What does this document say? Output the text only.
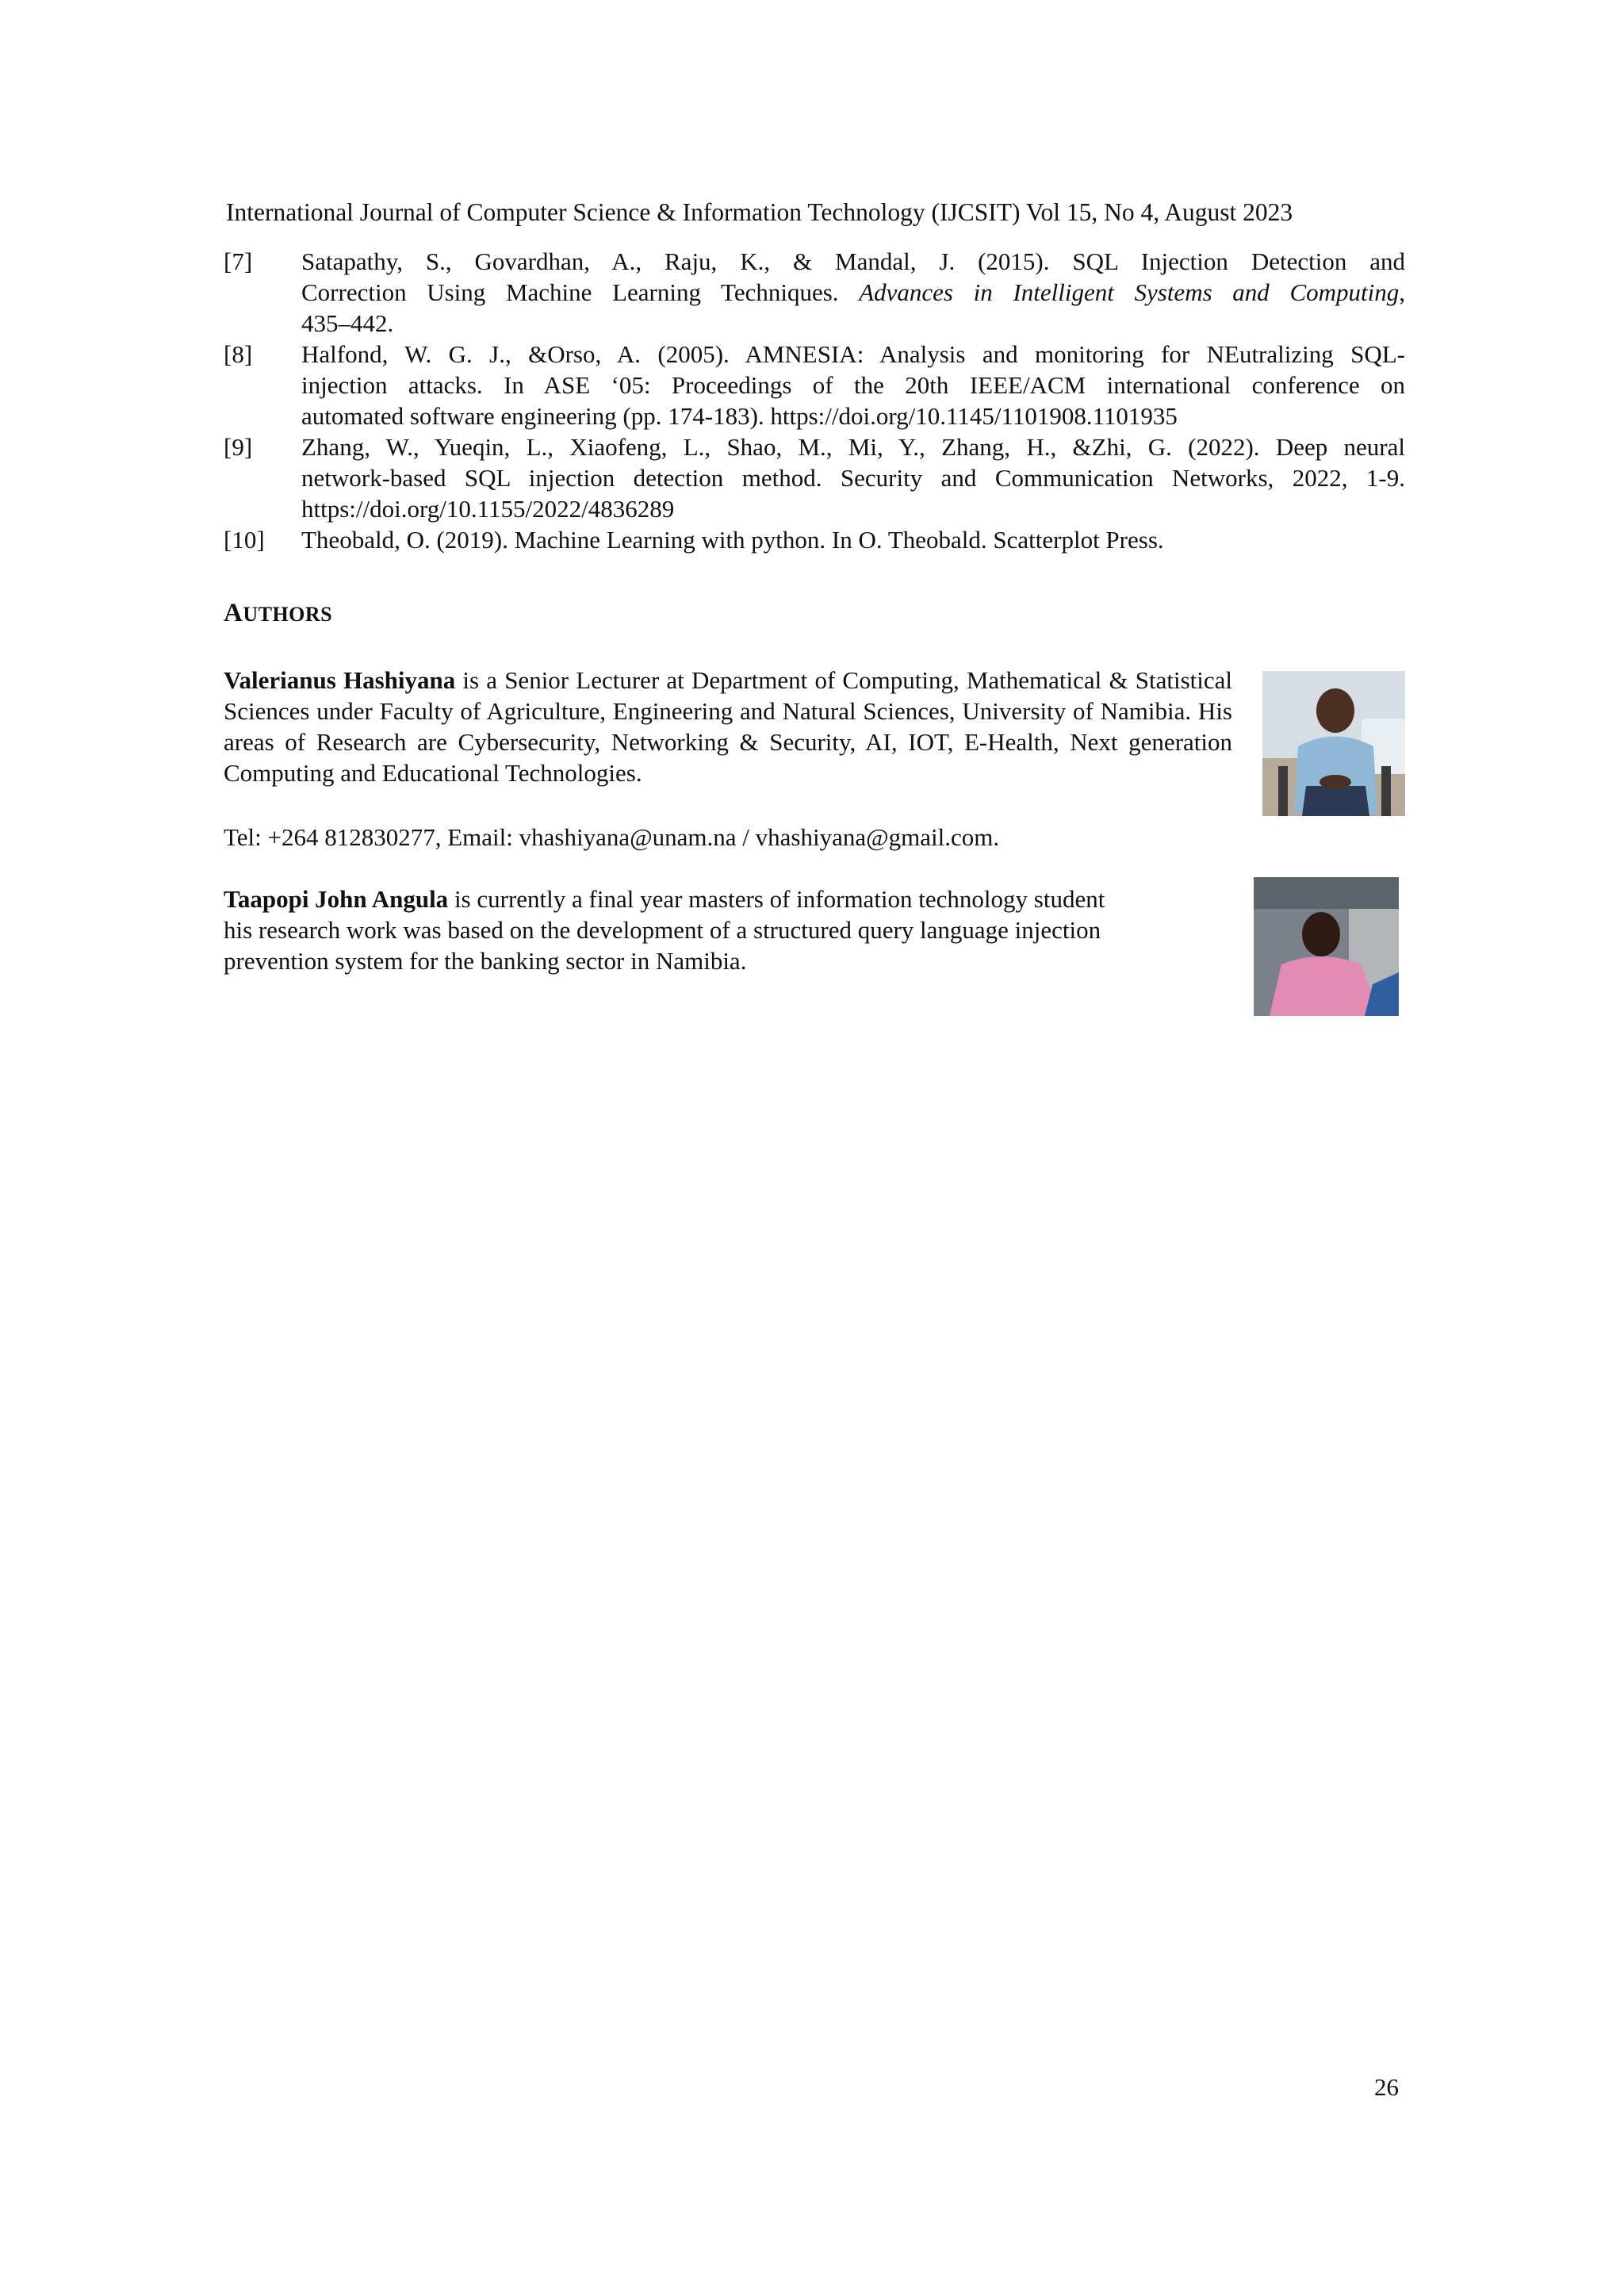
International Journal of Computer Science & Information Technology (IJCSIT) Vol 15, No 4, August 2023
[7] Satapathy, S., Govardhan, A., Raju, K., & Mandal, J. (2015). SQL Injection Detection and

Correction Using Machine Learning Techniques. Advances in Intelligent Systems and Computing,

435–442.

[8] Halfond, W. G. J., &Orso, A. (2005). AMNESIA: Analysis and monitoring for NEutralizing SQL-

injection attacks. In ASE ‘05: Proceedings of the 20th IEEE/ACM international conference on

automated software engineering (pp. 174-183). https://doi.org/10.1145/1101908.1101935

[9] Zhang, W., Yueqin, L., Xiaofeng, L., Shao, M., Mi, Y., Zhang, H., &Zhi, G. (2022). Deep neural

network-based SQL injection detection method. Security and Communication Networks, 2022, 1-9.

https://doi.org/10.1155/2022/4836289

[10] Theobald, O. (2019). Machine Learning with python. In O. Theobald. Scatterplot Press.

AUTHORS
Valerianus Hashiyana is a Senior Lecturer at Department of Computing, Mathematical & Statistical Sciences under Faculty of Agriculture, Engineering and Natural Sciences, University of Namibia. His areas of Research are Cybersecurity, Networking & Security, AI, IOT, E-Health, Next generation Computing and Educational Technologies.
Tel: +264 812830277, Email: vhashiyana@unam.na / vhashiyana@gmail.com.
Taapopi John Angula is currently a final year masters of information technology student
his research work was based on the development of a structured query language injection
prevention system for the banking sector in Namibia.
26
